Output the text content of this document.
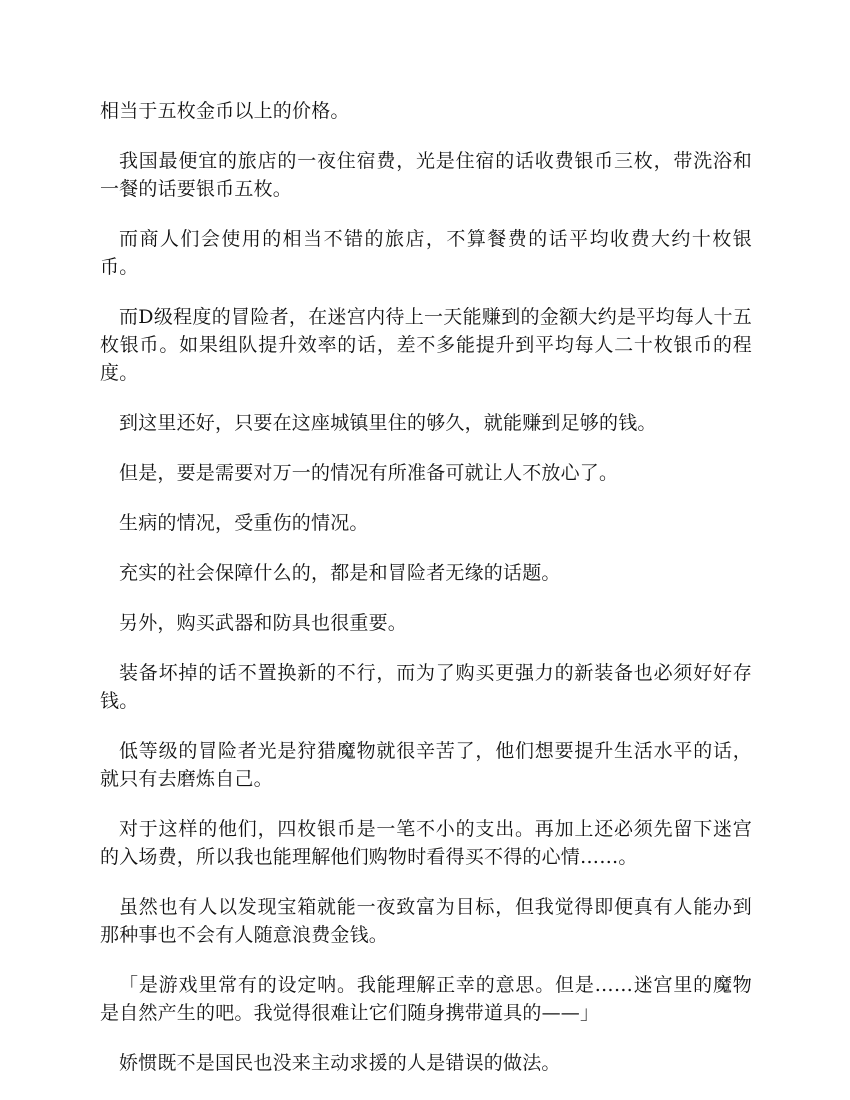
相当于五枚金币以上的价格。

我国最便宜的旅店的一夜住宿费，光是住宿的话收费银币三枚，带洗浴和一餐的话要银币五枚。

而商人们会使用的相当不错的旅店，不算餐费的话平均收费大约十枚银币。

而D级程度的冒险者，在迷宫内待上一天能赚到的金额大约是平均每人十五枚银币。如果组队提升效率的话，差不多能提升到平均每人二十枚银币的程度。

到这里还好，只要在这座城镇里住的够久，就能赚到足够的钱。

但是，要是需要对万一的情况有所准备可就让人不放心了。

生病的情况，受重伤的情况。

充实的社会保障什么的，都是和冒险者无缘的话题。

另外，购买武器和防具也很重要。

装备坏掉的话不置换新的不行，而为了购买更强力的新装备也必须好好存钱。

低等级的冒险者光是狩猎魔物就很辛苦了，他们想要提升生活水平的话，就只有去磨炼自己。

对于这样的他们，四枚银币是一笔不小的支出。再加上还必须先留下迷宫的入场费，所以我也能理解他们购物时看得买不得的心情……。

虽然也有人以发现宝箱就能一夜致富为目标，但我觉得即便真有人能办到那种事也不会有人随意浪费金钱。

「是游戏里常有的设定呐。我能理解正幸的意思。但是……迷宫里的魔物是自然产生的吧。我觉得很难让它们随身携带道具的——」

娇惯既不是国民也没来主动求援的人是错误的做法。
